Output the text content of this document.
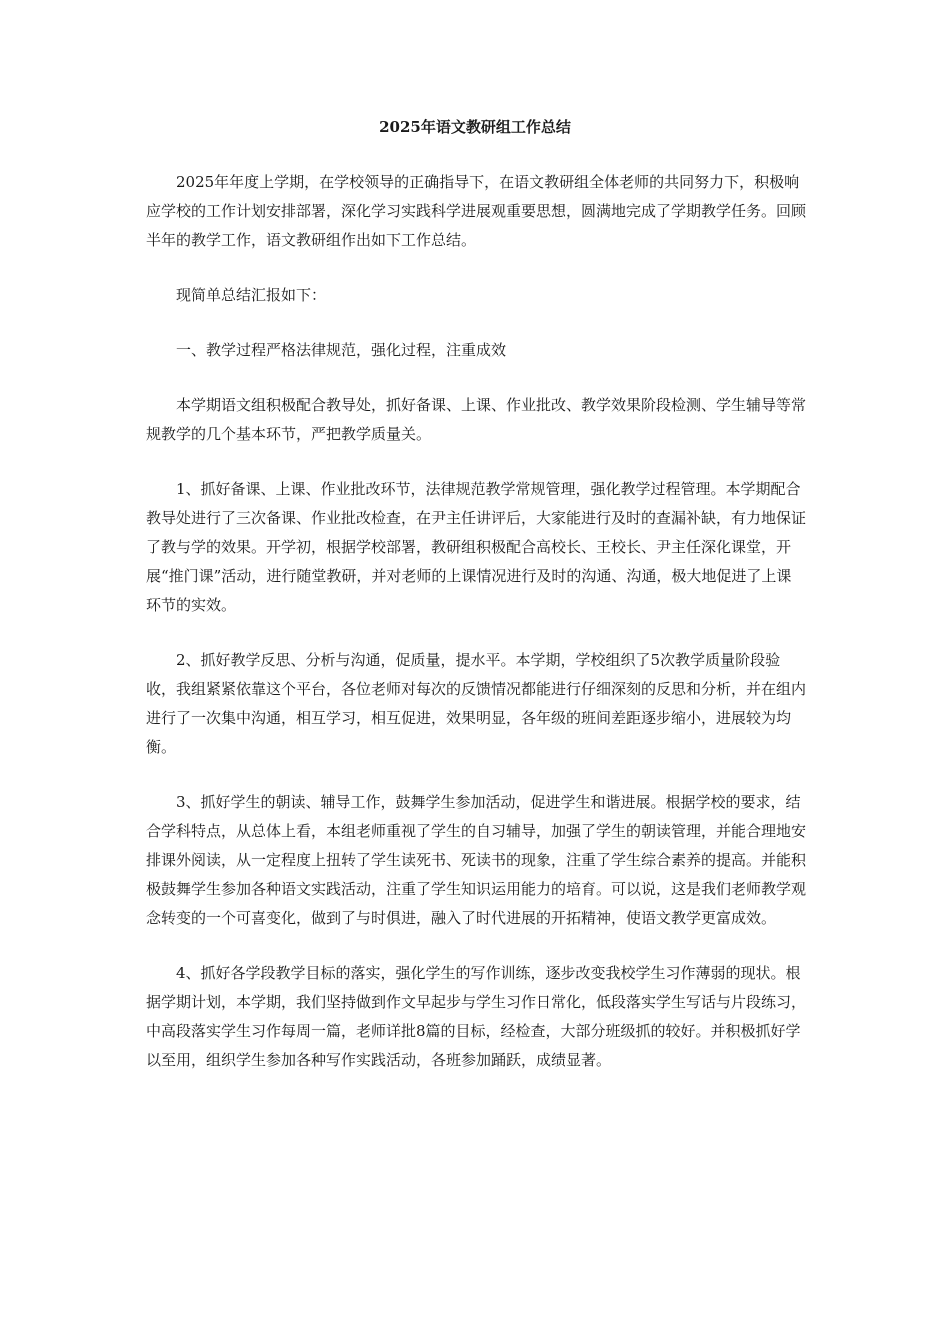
2025年语文教研组工作总结

2025年年度上学期，在学校领导的正确指导下，在语文教研组全体老师的共同努力下，积极响应学校的工作计划安排部署，深化学习实践科学进展观重要思想，圆满地完成了学期教学任务。回顾半年的教学工作，语文教研组作出如下工作总结。

现简单总结汇报如下：

一、教学过程严格法律规范，强化过程，注重成效

本学期语文组积极配合教导处，抓好备课、上课、作业批改、教学效果阶段检测、学生辅导等常规教学的几个基本环节，严把教学质量关。

1、抓好备课、上课、作业批改环节，法律规范教学常规管理，强化教学过程管理。本学期配合教导处进行了三次备课、作业批改检查，在尹主任讲评后，大家能进行及时的查漏补缺，有力地保证了教与学的效果。开学初，根据学校部署，教研组积极配合高校长、王校长、尹主任深化课堂，开展“推门课”活动，进行随堂教研，并对老师的上课情况进行及时的沟通、沟通，极大地促进了上课环节的实效。

2、抓好教学反思、分析与沟通，促质量，提水平。本学期，学校组织了5次教学质量阶段验收，我组紧紧依靠这个平台，各位老师对每次的反馈情况都能进行仔细深刻的反思和分析，并在组内进行了一次集中沟通，相互学习，相互促进，效果明显，各年级的班间差距逐步缩小，进展较为均衡。

3、抓好学生的朝读、辅导工作，鼓舞学生参加活动，促进学生和谐进展。根据学校的要求，结合学科特点，从总体上看，本组老师重视了学生的自习辅导，加强了学生的朝读管理，并能合理地安排课外阅读，从一定程度上扭转了学生读死书、死读书的现象，注重了学生综合素养的提高。并能积极鼓舞学生参加各种语文实践活动，注重了学生知识运用能力的培育。可以说，这是我们老师教学观念转变的一个可喜变化，做到了与时俱进，融入了时代进展的开拓精神，使语文教学更富成效。

4、抓好各学段教学目标的落实，强化学生的写作训练，逐步改变我校学生习作薄弱的现状。根据学期计划，本学期，我们坚持做到作文早起步与学生习作日常化，低段落实学生写话与片段练习，中高段落实学生习作每周一篇，老师详批8篇的目标，经检查，大部分班级抓的较好。并积极抓好学以至用，组织学生参加各种写作实践活动，各班参加踊跃，成绩显著。
